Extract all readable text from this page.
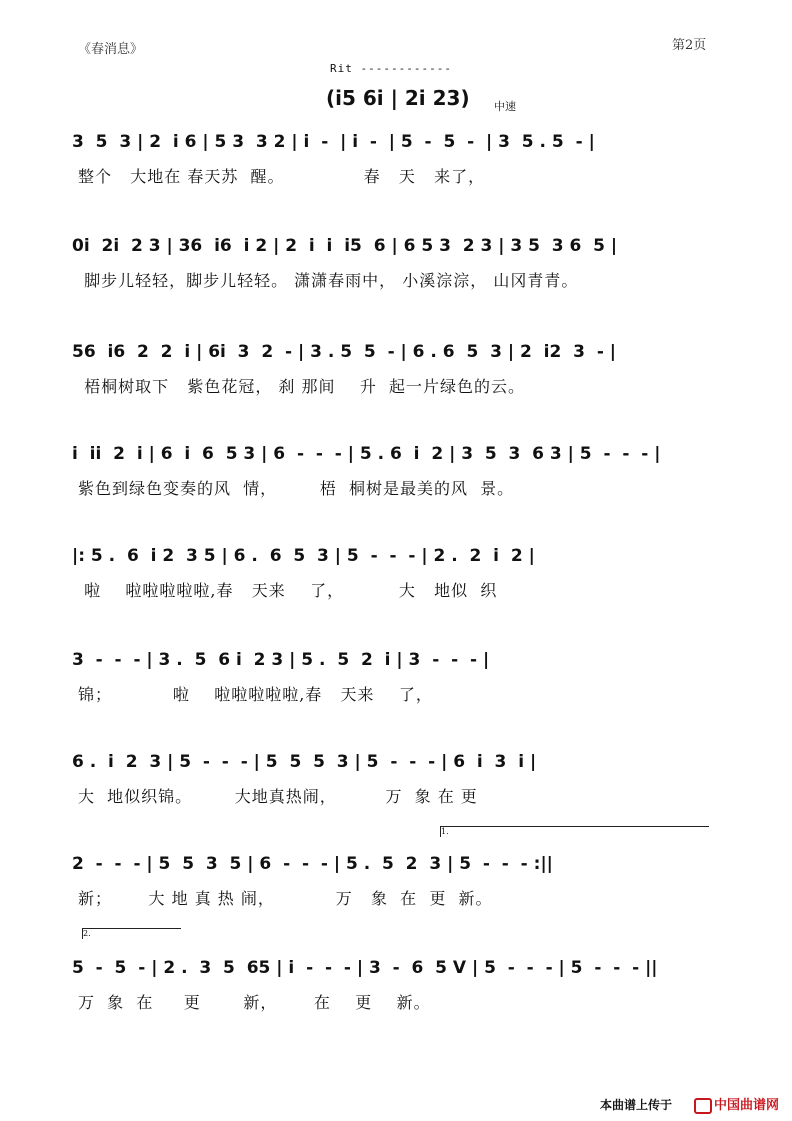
《春消息》	第2页
Rit ------------
(i5 6i | 2i 23) 中速
3  5  3 | 2  i 6 | 5 3  3 2 | i  -  | i  -  | 5  -  5  -  | 3  5 . 5  - |
整个   大地在 春天苏  醒。             春   天   来了，
0i  2i  2 3 | 36  i6  i 2 | 2  i  i  i5  6 | 6 5 3  2 3 | 3 5  3 6  5 |
脚步儿轻轻，脚步儿轻轻。 潇潇春雨中， 小溪淙淙， 山冈青青。
56  i6  2  2  i | 6i  3  2  - | 3 . 5  5  - | 6 . 6  5  3 | 2  i2  3  - |
梧桐树取下   紫色花冠， 刹 那间    升  起一片绿色的云。
i  ii  2  i | 6  i  6  5 3 | 6  -  -  - | 5 . 6  i  2 | 3  5  3  6 3 | 5  -  -  - |
紫色到绿色变奏的风  情，       梧  桐树是最美的风  景。
|: 5 .  6  i 2  3 5 | 6 .  6  5  3 | 5  -  -  - | 2 .  2  i  2 |
啦    啦啦啦啦啦,春   天来    了，         大   地似  织
3  -  -  - | 3 .  5  6 i  2 3 | 5 .  5  2  i | 3  -  -  - |
锦；          啦    啦啦啦啦啦,春   天来    了，
6 .  i  2  3 | 5  -  -  - | 5  5  5  3 | 5  -  -  - | 6  i  3  i |
大  地似织锦。       大地真热闹，        万  象 在 更
1.
2  -  -  - | 5  5  3  5 | 6  -  -  - | 5 .  5  2  3 | 5  -  -  - :||
新；      大 地 真 热 闹，          万   象  在  更  新。
2.
5  -  5  - | 2 .  3  5  65 | i  -  -  - | 3  -  6  5 V | 5  -  -  - | 5  -  -  - ||
万  象  在     更       新，      在    更    新。
本曲谱上传于	中国曲谱网
